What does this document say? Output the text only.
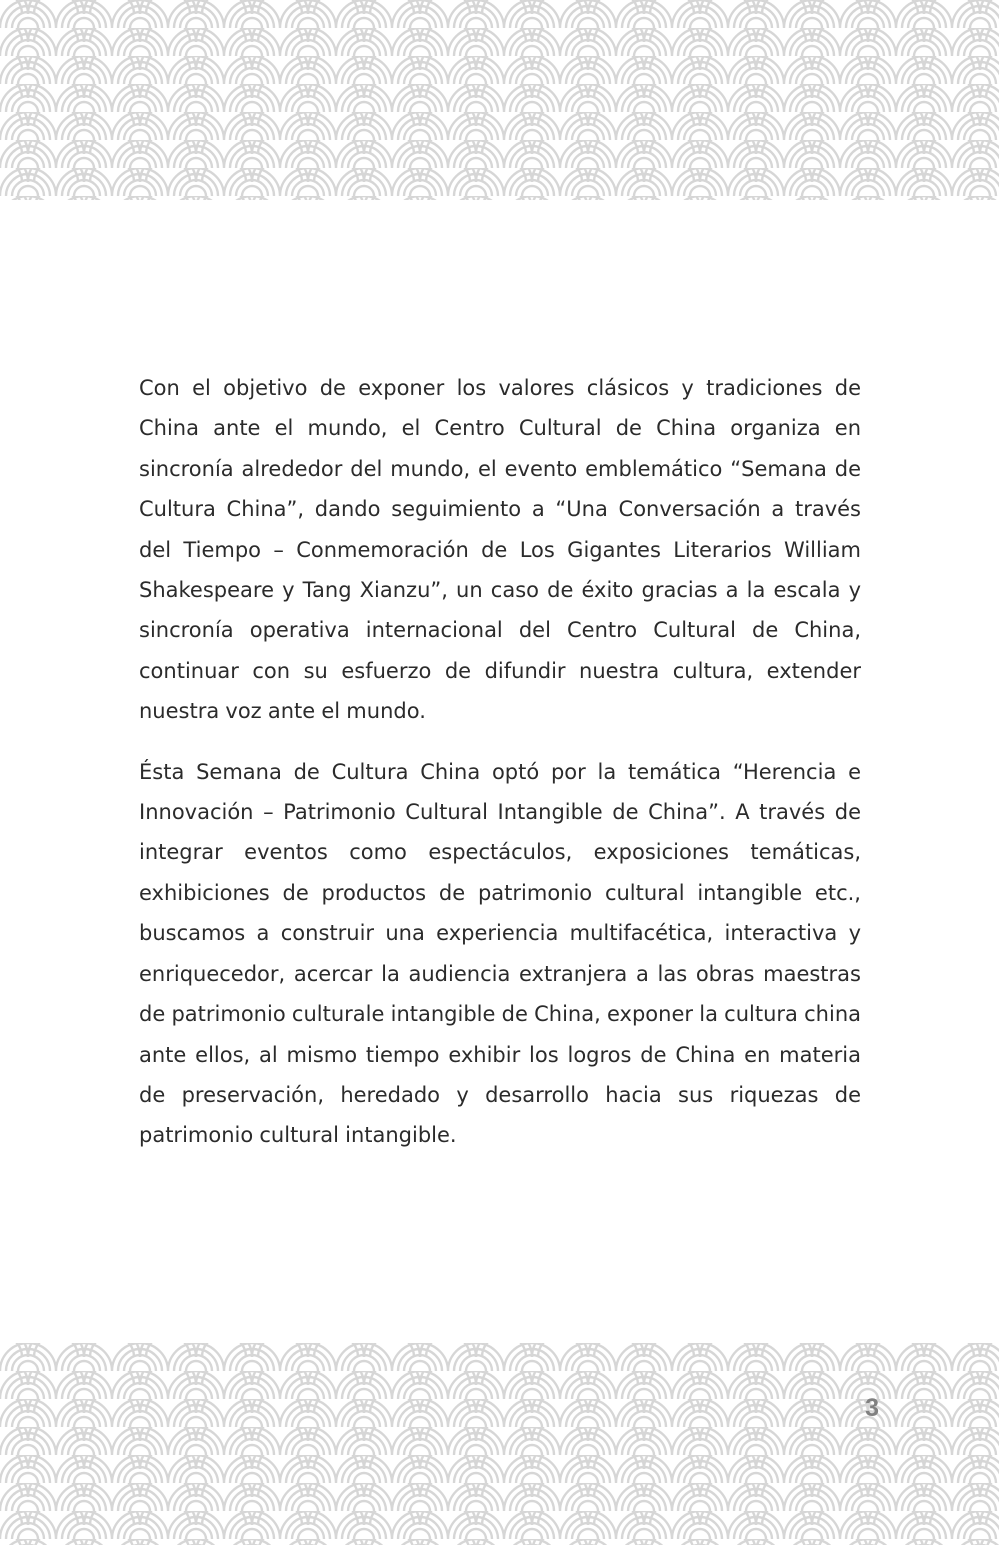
Con el objetivo de exponer los valores clásicos y tradiciones de China ante el mundo, el Centro Cultural de China organiza en sincronía alrededor del mundo, el evento emblemático “Semana de Cultura China”, dando seguimiento a “Una Conversación a través del Tiempo – Conmemoración de Los Gigantes Literarios William Shakespeare y Tang Xianzu”, un caso de éxito gracias a la escala y sincronía operativa internacional del Centro Cultural de China, continuar con su esfuerzo de difundir nuestra cultura, extender nuestra voz ante el mundo.

Ésta Semana de Cultura China optó por la temática “Herencia e Innovación – Patrimonio Cultural Intangible de China”. A través de integrar eventos como espectáculos, exposiciones temáticas, exhibiciones de productos de patrimonio cultural intangible etc., buscamos a construir una experiencia multifacética, interactiva y enriquecedor, acercar la audiencia extranjera a las obras maestras de patrimonio culturale intangible de China, exponer la cultura china ante ellos, al mismo tiempo exhibir los logros de China en materia de preservación, heredado y desarrollo hacia sus riquezas de patrimonio cultural intangible.

3
